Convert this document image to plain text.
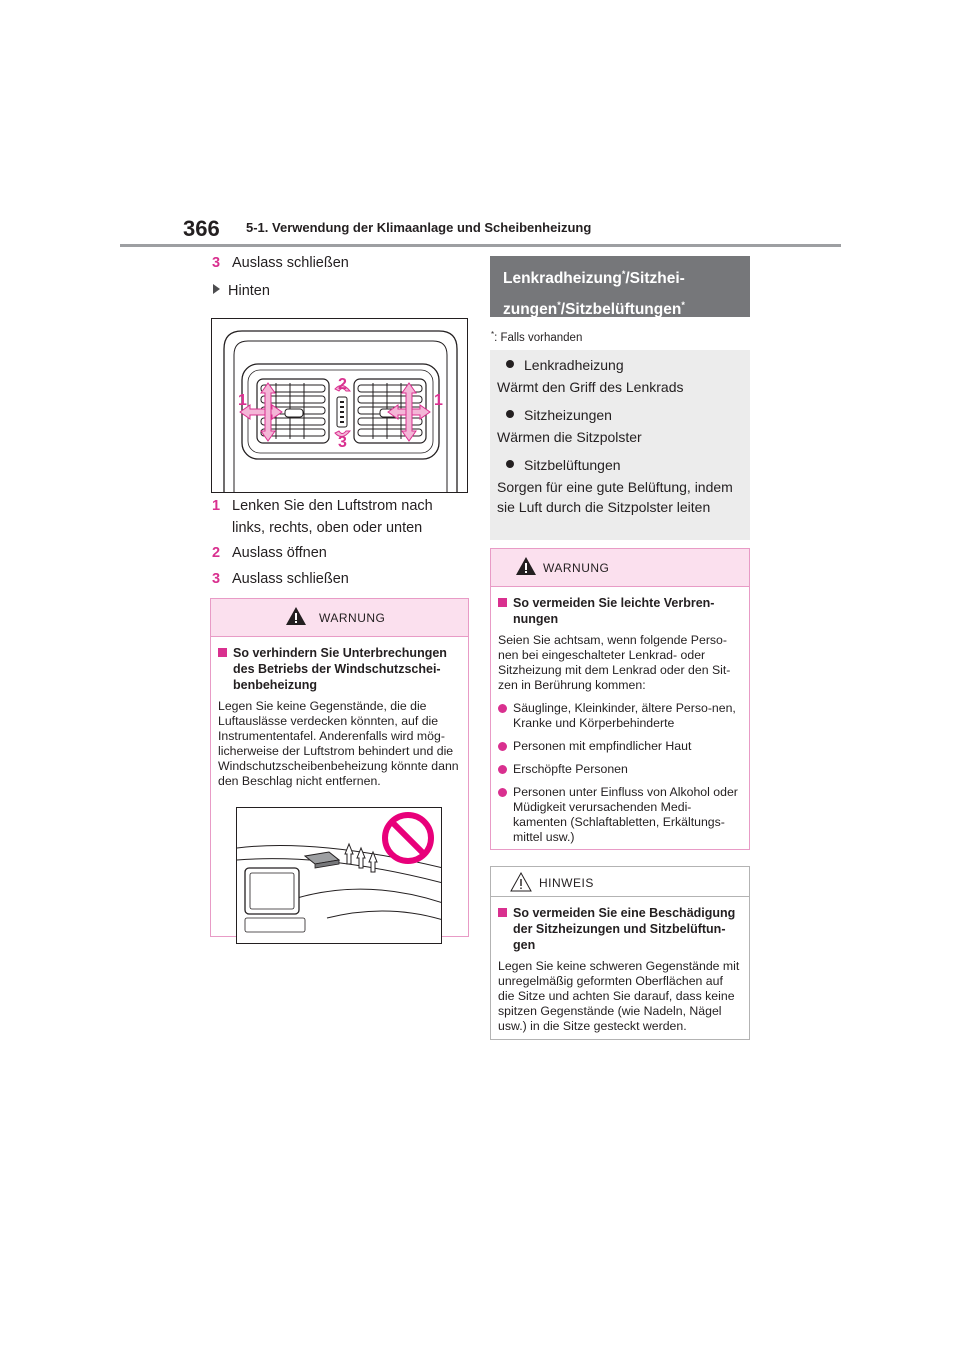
366 5-1. Verwendung der Klimaanlage und Scheibenheizung
3 Auslass schließen
Hinten
1	1
2
3
1 Lenken Sie den Luftstrom nach
links, rechts, oben oder unten
2 Auslass öffnen
3 Auslass schließen
WARNUNG
So verhindern Sie Unterbrechungen des Betriebs der Windschutzschei-benbeheizung
Legen Sie keine Gegenstände, die die Luftauslässe verdecken könnten, auf die Instrumententafel. Anderenfalls wird mög-licherweise der Luftstrom behindert und die Windschutzscheibenbeheizung könnte dann den Beschlag nicht entfernen.
Lenkradheizung*/Sitzhei-
zungen*/Sitzbelüftungen*
*: Falls vorhanden
Lenkradheizung
Wärmt den Griff des Lenkrads
Sitzheizungen
Wärmen die Sitzpolster
Sitzbelüftungen
Sorgen für eine gute Belüftung, indem sie Luft durch die Sitzpolster leiten
WARNUNG
So vermeiden Sie leichte Verbren-nungen
Seien Sie achtsam, wenn folgende Perso-nen bei eingeschalteter Lenkrad- oder Sitzheizung mit dem Lenkrad oder den Sit-zen in Berührung kommen:
Säuglinge, Kleinkinder, ältere Perso-nen, Kranke und Körperbehinderte
Personen mit empfindlicher Haut
Erschöpfte Personen
Personen unter Einfluss von Alkohol oder Müdigkeit verursachenden Medi-kamenten (Schlaftabletten, Erkältungs-mittel usw.)
HINWEIS
So vermeiden Sie eine Beschädigung der Sitzheizungen und Sitzbelüftun-gen
Legen Sie keine schweren Gegenstände mit unregelmäßig geformten Oberflächen auf die Sitze und achten Sie darauf, dass keine spitzen Gegenstände (wie Nadeln, Nägel usw.) in die Sitze gesteckt werden.
